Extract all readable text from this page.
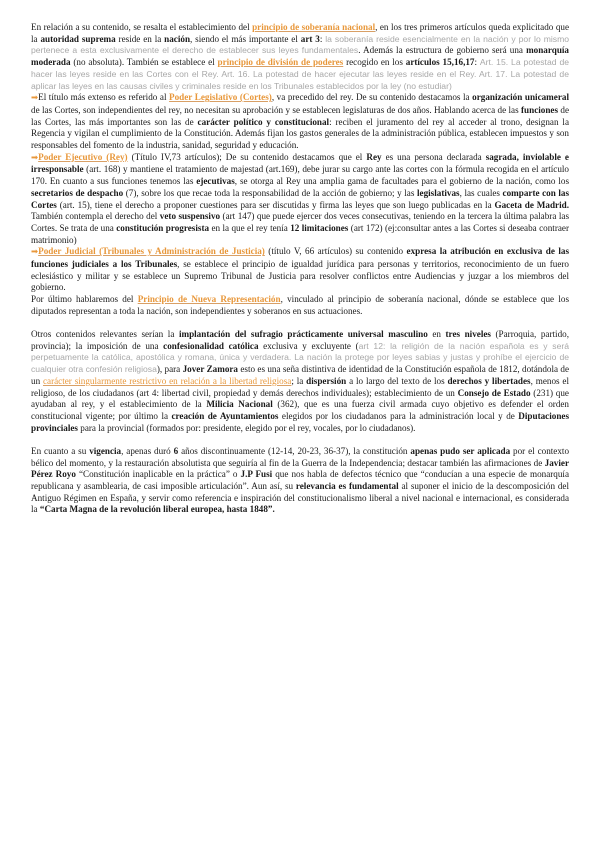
En relación a su contenido, se resalta el establecimiento del principio de soberanía nacional, en los tres primeros artículos queda explicitado que la autoridad suprema reside en la nación, siendo el más importante el art 3: la soberanía reside esencialmente en la nación y por lo mismo pertenece a esta exclusivamente el derecho de establecer sus leyes fundamentales. Además la estructura de gobierno será una monarquía moderada (no absoluta). También se establece el principio de división de poderes recogido en los artículos 15,16,17: Art. 15. La potestad de hacer las leyes reside en las Cortes con el Rey. Art. 16. La potestad de hacer ejecutar las leyes reside en el Rey. Art. 17. La potestad de aplicar las leyes en las causas civiles y criminales reside en los Tribunales establecidos por la ley (no estudiar)

➡El título más extenso es referido al Poder Legislativo (Cortes), va precedido del rey. De su contenido destacamos la organización unicameral de las Cortes, son independientes del rey, no necesitan su aprobación y se establecen legislaturas de dos años. Hablando acerca de las funciones de las Cortes, las más importantes son las de carácter político y constitucional: reciben el juramento del rey al acceder al trono, designan la Regencia y vigilan el cumplimiento de la Constitución. Además fijan los gastos generales de la administración pública, establecen impuestos y son responsables del fomento de la industria, sanidad, seguridad y educación.

➡Poder Ejecutivo (Rey) (Título IV,73 artículos); De su contenido destacamos que el Rey es una persona declarada sagrada, inviolable e irresponsable (art. 168) y mantiene el tratamiento de majestad (art.169), debe jurar su cargo ante las cortes con la fórmula recogida en el artículo 170. En cuanto a sus funciones tenemos las ejecutivas, se otorga al Rey una amplia gama de facultades para el gobierno de la nación, como los secretarios de despacho (7), sobre los que recae toda la responsabilidad de la acción de gobierno; y las legislativas, las cuales comparte con las Cortes (art. 15), tiene el derecho a proponer cuestiones para ser discutidas y firma las leyes que son luego publicadas en la Gaceta de Madrid. También contempla el derecho del veto suspensivo (art 147) que puede ejercer dos veces consecutivas, teniendo en la tercera la última palabra las Cortes. Se trata de una constitución progresista en la que el rey tenía 12 limitaciones (art 172) (ej:consultar antes a las Cortes si deseaba contraer matrimonio)

➡Poder Judicial (Tribunales y Administración de Justicia) (título V, 66 artículos) su contenido expresa la atribución en exclusiva de las funciones judiciales a los Tribunales, se establece el principio de igualdad jurídica para personas y territorios, reconocimiento de un fuero eclesiástico y militar y se establece un Supremo Tribunal de Justicia para resolver conflictos entre Audiencias y juzgar a los miembros del gobierno.

Por último hablaremos del Principio de Nueva Representación, vinculado al principio de soberanía nacional, dónde se establece que los diputados representan a toda la nación, son independientes y soberanos en sus actuaciones.

Otros contenidos relevantes serían la implantación del sufragio prácticamente universal masculino en tres niveles (Parroquia, partido, provincia); la imposición de una confesionalidad católica exclusiva y excluyente (art 12: la religión de la nación española es y será perpetuamente la católica, apostólica y romana, única y verdadera. La nación la protege por leyes sabias y justas y prohíbe el ejercicio de cualquier otra confesión religiosa), para Jover Zamora esto es una seña distintiva de identidad de la Constitución española de 1812, dotándola de un carácter singularmente restrictivo en relación a la libertad religiosa; la dispersión a lo largo del texto de los derechos y libertades, menos el religioso, de los ciudadanos (art 4: libertad civil, propiedad y demás derechos individuales); establecimiento de un Consejo de Estado (231) que ayudaban al rey, y el establecimiento de la Milicia Nacional (362), que es una fuerza civil armada cuyo objetivo es defender el orden constitucional vigente; por último la creación de Ayuntamientos elegidos por los ciudadanos para la administración local y de Diputaciones provinciales para la provincial (formados por: presidente, elegido por el rey, vocales, por lo ciudadanos).

En cuanto a su vigencia, apenas duró 6 años discontinuamente (12-14, 20-23, 36-37), la constitución apenas pudo ser aplicada por el contexto bélico del momento, y la restauración absolutista que seguiría al fin de la Guerra de la Independencia; destacar también las afirmaciones de Javier Pérez Royo “Constitución inaplicable en la práctica” o J.P Fusi que nos habla de defectos técnico que “conducían a una especie de monarquía republicana y asamblearia, de casi imposible articulación”. Aun así, su relevancia es fundamental al suponer el inicio de la descomposición del Antiguo Régimen en España, y servir como referencia e inspiración del constitucionalismo liberal a nivel nacional e internacional, es considerada la “Carta Magna de la revolución liberal europea, hasta 1848”.
